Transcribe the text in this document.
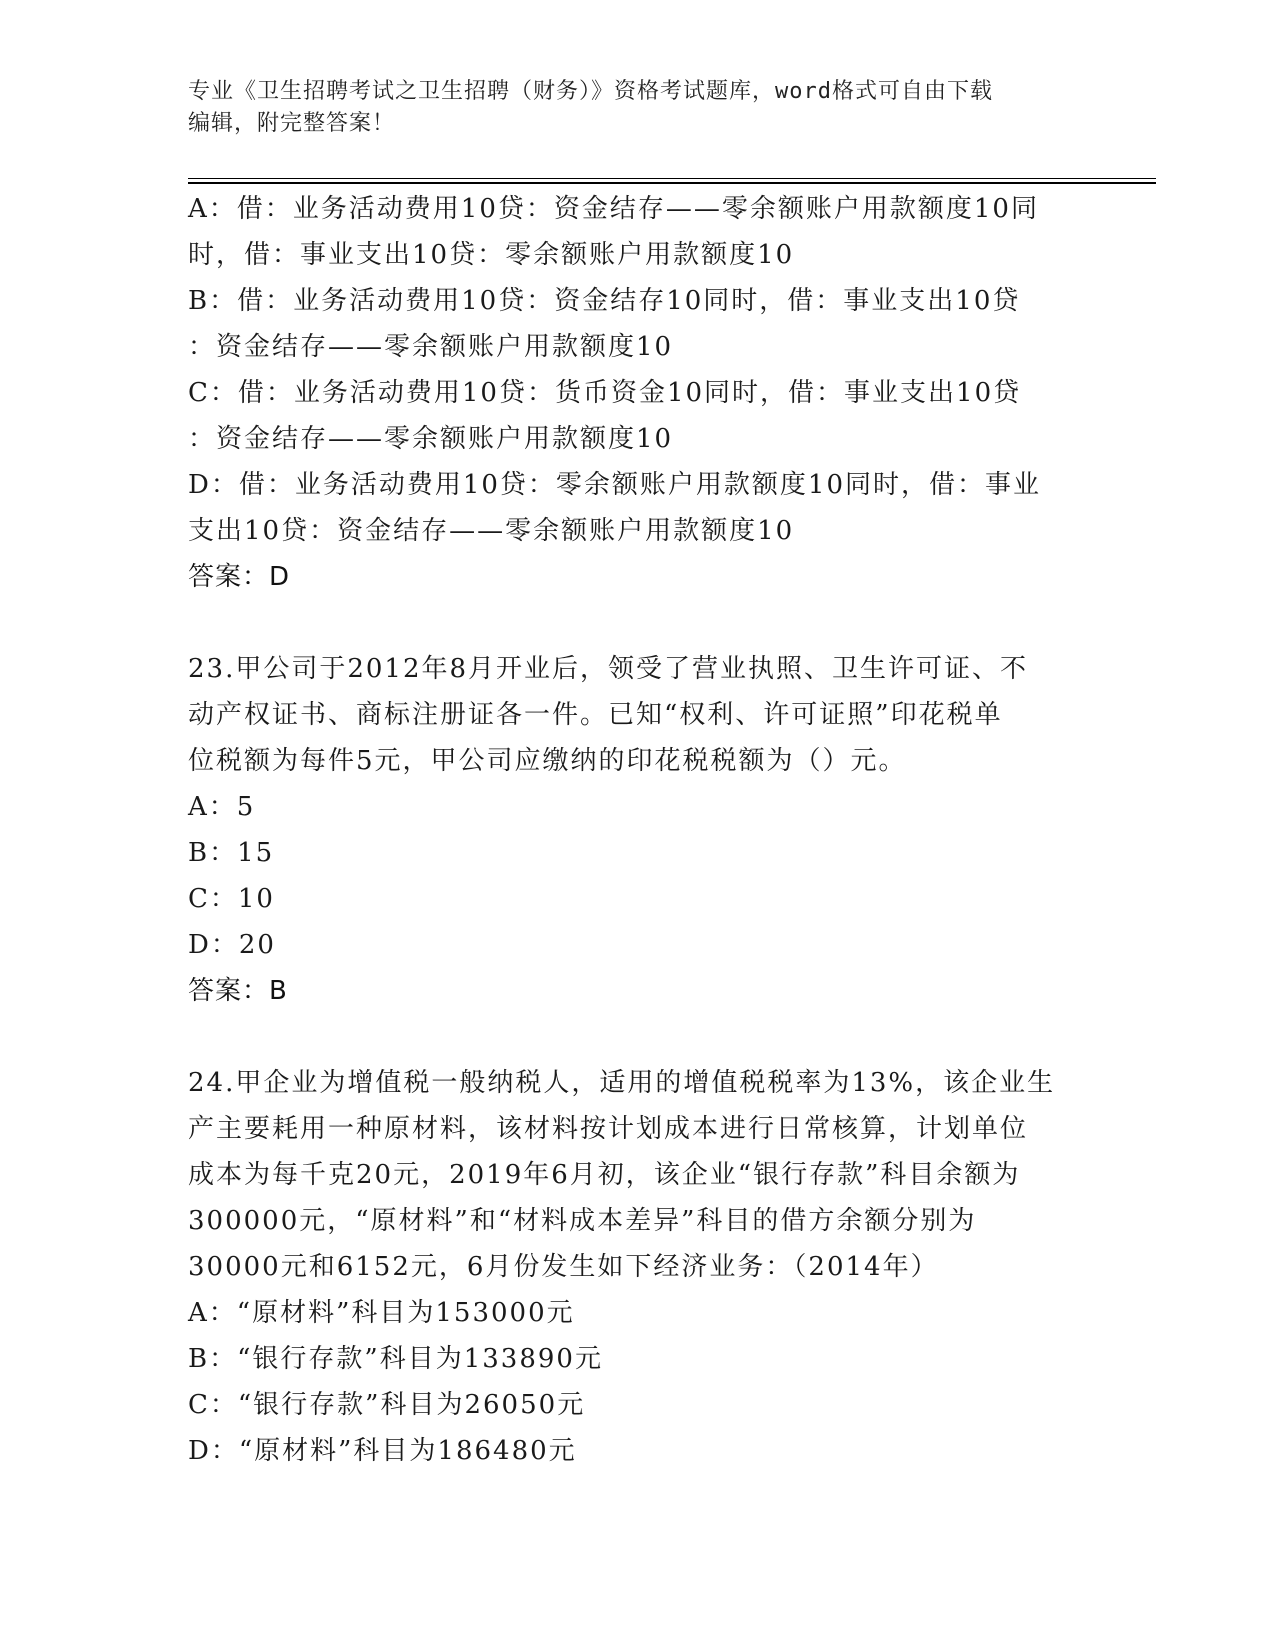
专业《卫生招聘考试之卫生招聘（财务）》资格考试题库，word格式可自由下载
编辑，附完整答案！
A：借：业务活动费用10贷：资金结存——零余额账户用款额度10同
时，借：事业支出10贷：零余额账户用款额度10
B：借：业务活动费用10贷：资金结存10同时，借：事业支出10贷
：资金结存——零余额账户用款额度10
C：借：业务活动费用10贷：货币资金10同时，借：事业支出10贷
：资金结存——零余额账户用款额度10
D：借：业务活动费用10贷：零余额账户用款额度10同时，借：事业
支出10贷：资金结存——零余额账户用款额度10
答案：D
23.甲公司于2012年8月开业后，领受了营业执照、卫生许可证、不
动产权证书、商标注册证各一件。已知“权利、许可证照”印花税单
位税额为每件5元，甲公司应缴纳的印花税税额为（）元。
A：5
B：15
C：10
D：20
答案：B
24.甲企业为增值税一般纳税人，适用的增值税税率为13%，该企业生
产主要耗用一种原材料，该材料按计划成本进行日常核算，计划单位
成本为每千克20元，2019年6月初，该企业“银行存款”科目余额为
300000元，“原材料”和“材料成本差异”科目的借方余额分别为
30000元和6152元，6月份发生如下经济业务：（2014年）
A：“原材料”科目为153000元
B：“银行存款”科目为133890元
C：“银行存款”科目为26050元
D：“原材料”科目为186480元
